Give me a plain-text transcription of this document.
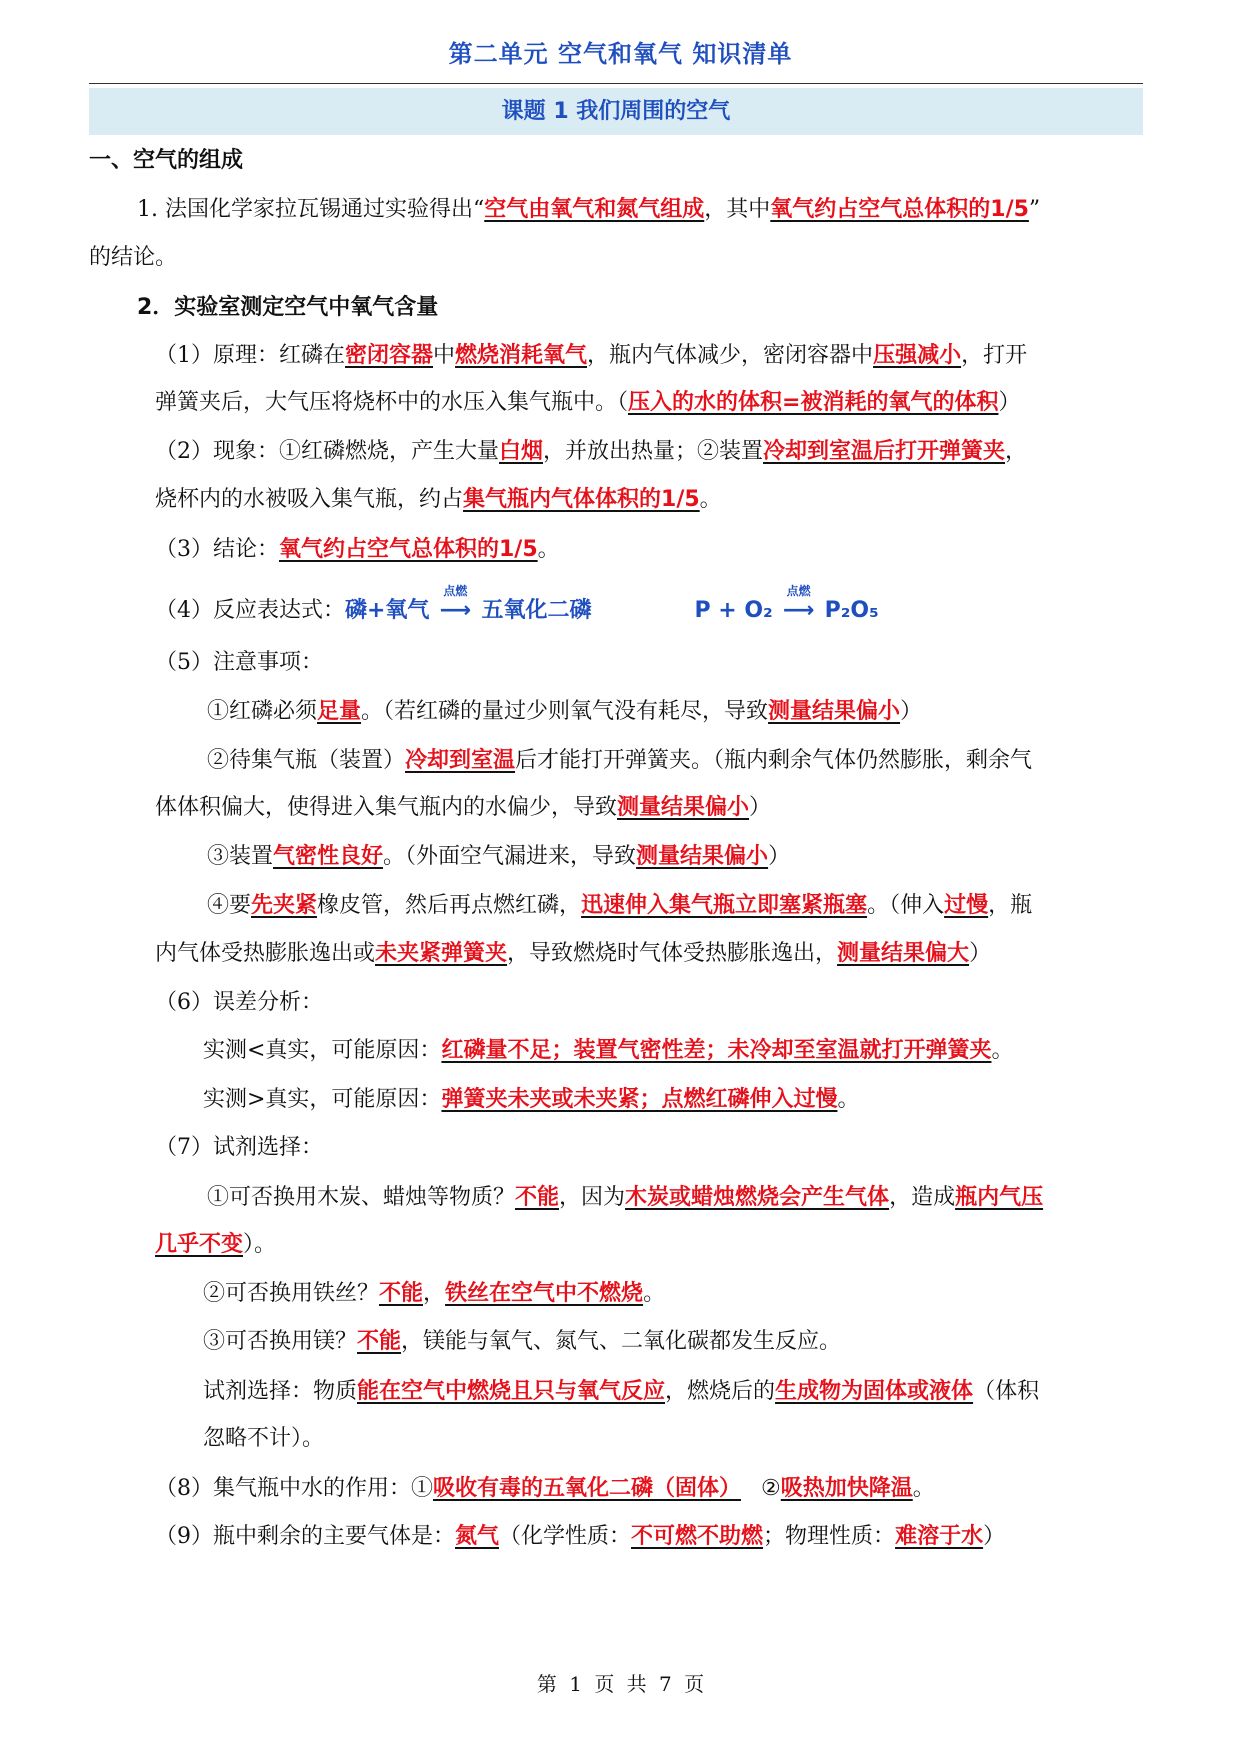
第二单元 空气和氧气 知识清单
课题 1 我们周围的空气
一、空气的组成
1. 法国化学家拉瓦锡通过实验得出“空气由氧气和氮气组成，其中氧气约占空气总体积的1/5”
的结论。
2．实验室测定空气中氧气含量
（1）原理：红磷在密闭容器中燃烧消耗氧气，瓶内气体减少，密闭容器中压强减小，打开
弹簧夹后，大气压将烧杯中的水压入集气瓶中。（压入的水的体积=被消耗的氧气的体积）
（2）现象：①红磷燃烧，产生大量白烟，并放出热量；②装置冷却到室温后打开弹簧夹，
烧杯内的水被吸入集气瓶，约占集气瓶内气体体积的1/5。
（3）结论：氧气约占空气总体积的1/5。
（4）反应表达式：磷+氧气
点燃
⟶ 五氧化二磷	P + O₂
点燃
⟶ P₂O₅
（5）注意事项：
①红磷必须足量。（若红磷的量过少则氧气没有耗尽，导致测量结果偏小）
②待集气瓶（装置）冷却到室温后才能打开弹簧夹。（瓶内剩余气体仍然膨胀，剩余气
体体积偏大，使得进入集气瓶内的水偏少，导致测量结果偏小）
③装置气密性良好。（外面空气漏进来，导致测量结果偏小）
④要先夹紧橡皮管，然后再点燃红磷，迅速伸入集气瓶立即塞紧瓶塞。（伸入过慢，瓶
内气体受热膨胀逸出或未夹紧弹簧夹，导致燃烧时气体受热膨胀逸出，测量结果偏大）
（6）误差分析：
实测<真实，可能原因：红磷量不足；装置气密性差；未冷却至室温就打开弹簧夹。
实测>真实，可能原因：弹簧夹未夹或未夹紧；点燃红磷伸入过慢。
（7）试剂选择：
①可否换用木炭、蜡烛等物质？不能，因为木炭或蜡烛燃烧会产生气体，造成瓶内气压
几乎不变）。
②可否换用铁丝？不能，铁丝在空气中不燃烧。
③可否换用镁？不能，镁能与氧气、氮气、二氧化碳都发生反应。
试剂选择：物质能在空气中燃烧且只与氧气反应，燃烧后的生成物为固体或液体（体积
忽略不计）。
（8）集气瓶中水的作用：①吸收有毒的五氧化二磷（固体） ②吸热加快降温。
（9）瓶中剩余的主要气体是：氮气（化学性质：不可燃不助燃；物理性质：难溶于水）
第 1 页 共 7 页
